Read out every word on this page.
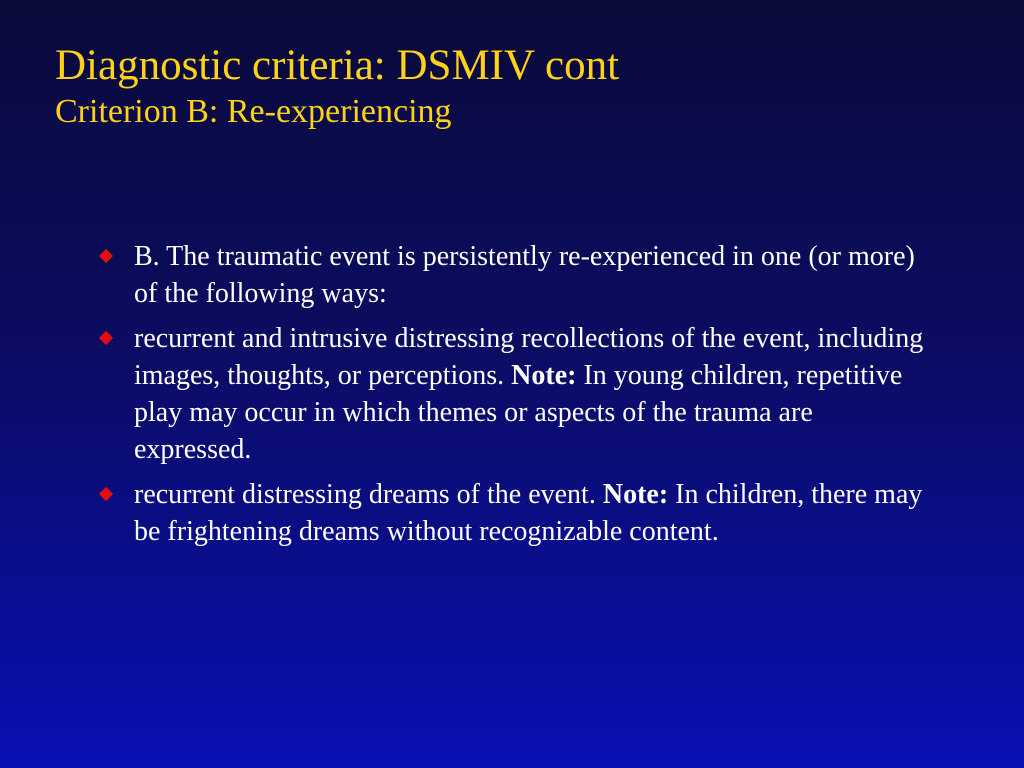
Diagnostic criteria: DSMIV cont
Criterion B: Re-experiencing
B. The traumatic event is persistently re-experienced in one (or more) of the following ways:
recurrent and intrusive distressing recollections of the event, including images, thoughts, or perceptions. Note: In young children, repetitive play may occur in which themes or aspects of the trauma are expressed.
recurrent distressing dreams of the event. Note: In children, there may be frightening dreams without recognizable content.
